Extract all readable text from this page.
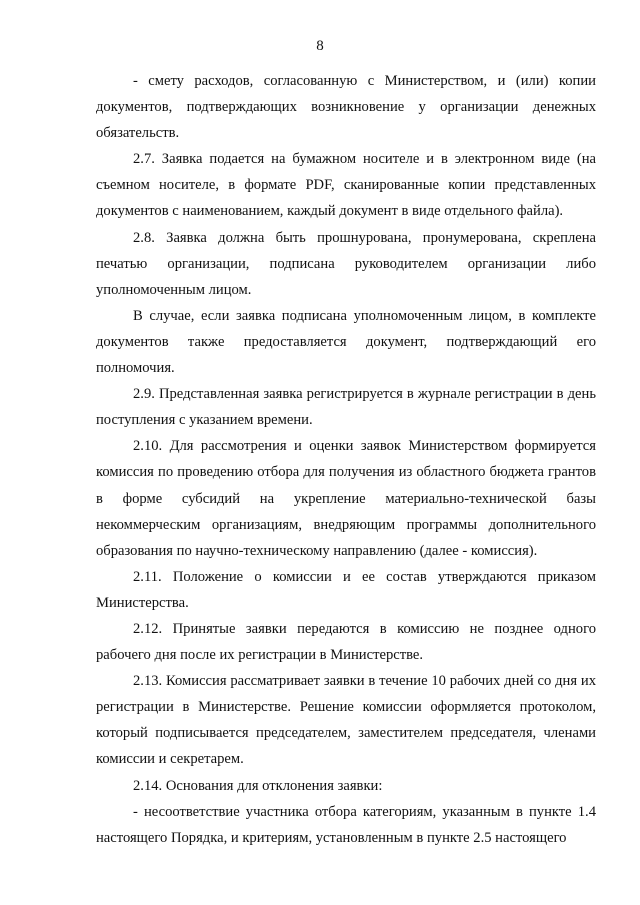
8

- смету расходов, согласованную с Министерством, и (или) копии документов, подтверждающих возникновение у организации денежных обязательств.

2.7. Заявка подается на бумажном носителе и в электронном виде (на съемном носителе, в формате PDF, сканированные копии представленных документов с наименованием, каждый документ в виде отдельного файла).

2.8. Заявка должна быть прошнурована, пронумерована, скреплена печатью организации, подписана руководителем организации либо уполномоченным лицом.

В случае, если заявка подписана уполномоченным лицом, в комплекте документов также предоставляется документ, подтверждающий его полномочия.

2.9. Представленная заявка регистрируется в журнале регистрации в день поступления с указанием времени.

2.10. Для рассмотрения и оценки заявок Министерством формируется комиссия по проведению отбора для получения из областного бюджета грантов в форме субсидий на укрепление материально-технической базы некоммерческим организациям, внедряющим программы дополнительного образования по научно-техническому направлению (далее - комиссия).

2.11. Положение о комиссии и ее состав утверждаются приказом Министерства.

2.12. Принятые заявки передаются в комиссию не позднее одного рабочего дня после их регистрации в Министерстве.

2.13. Комиссия рассматривает заявки в течение 10 рабочих дней со дня их регистрации в Министерстве. Решение комиссии оформляется протоколом, который подписывается председателем, заместителем председателя, членами комиссии и секретарем.

2.14. Основания для отклонения заявки:

- несоответствие участника отбора категориям, указанным в пункте 1.4 настоящего Порядка, и критериям, установленным в пункте 2.5 настоящего
